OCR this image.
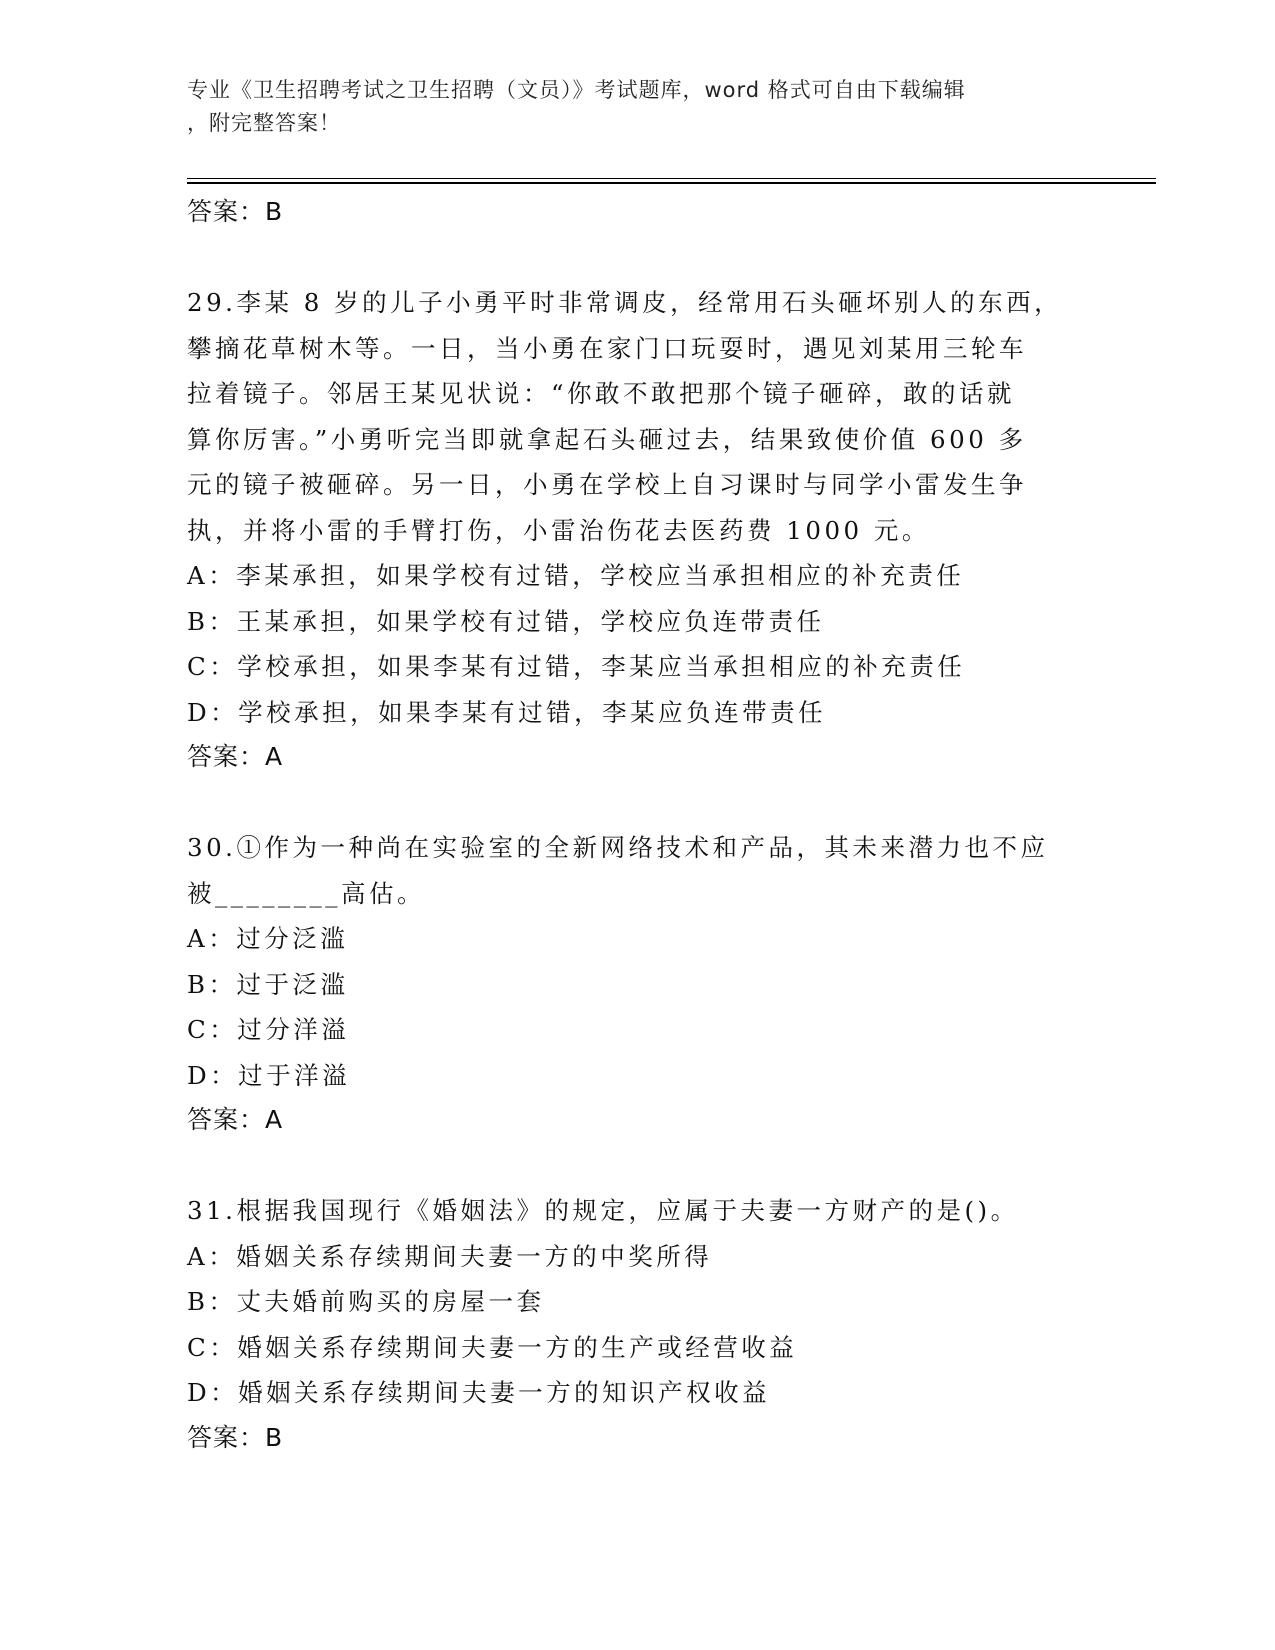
专业《卫生招聘考试之卫生招聘（文员）》考试题库，word 格式可自由下载编辑
，附完整答案！
答案：B
29.李某 8 岁的儿子小勇平时非常调皮，经常用石头砸坏别人的东西，
攀摘花草树木等。一日，当小勇在家门口玩耍时，遇见刘某用三轮车
拉着镜子。邻居王某见状说：“你敢不敢把那个镜子砸碎，敢的话就
算你厉害。”小勇听完当即就拿起石头砸过去，结果致使价值 600 多
元的镜子被砸碎。另一日，小勇在学校上自习课时与同学小雷发生争
执，并将小雷的手臂打伤，小雷治伤花去医药费 1000 元。
A：李某承担，如果学校有过错，学校应当承担相应的补充责任
B：王某承担，如果学校有过错，学校应负连带责任
C：学校承担，如果李某有过错，李某应当承担相应的补充责任
D：学校承担，如果李某有过错，李某应负连带责任
答案：A
30.①作为一种尚在实验室的全新网络技术和产品，其未来潜力也不应
被________高估。
A：过分泛滥
B：过于泛滥
C：过分洋溢
D：过于洋溢
答案：A
31.根据我国现行《婚姻法》的规定，应属于夫妻一方财产的是()。
A：婚姻关系存续期间夫妻一方的中奖所得
B：丈夫婚前购买的房屋一套
C：婚姻关系存续期间夫妻一方的生产或经营收益
D：婚姻关系存续期间夫妻一方的知识产权收益
答案：B
